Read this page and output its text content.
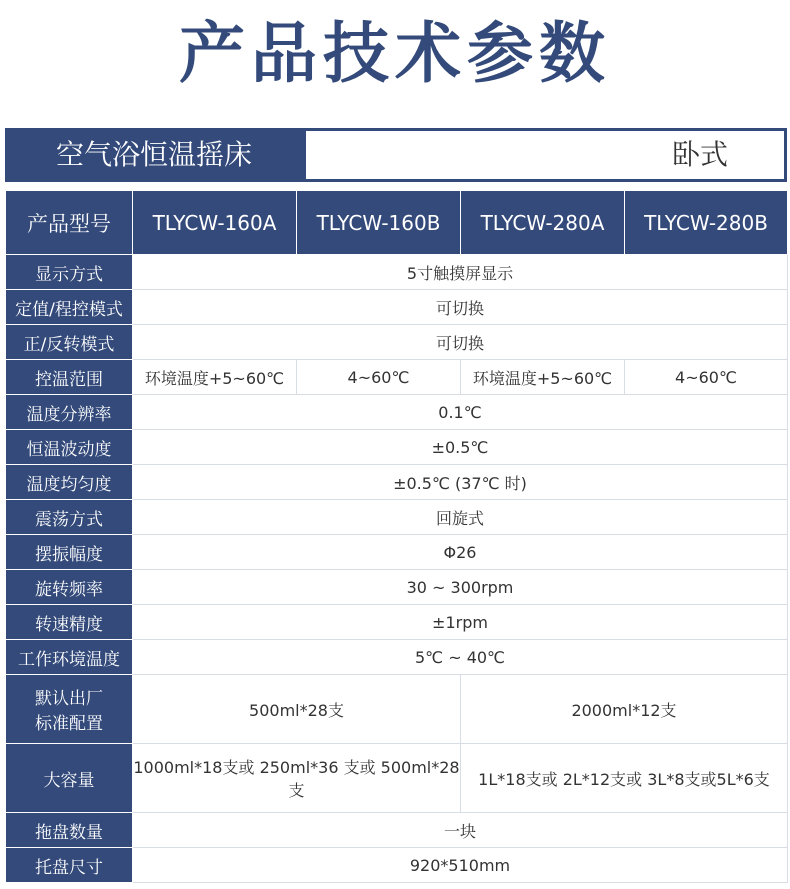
产品技术参数
空气浴恒温摇床	卧式
产品型号	TLYCW-160A	TLYCW-160B	TLYCW-280A	TLYCW-280B
显示方式	5寸触摸屏显示			
定值/程控模式	可切换			
正/反转模式	可切换			
控温范围	环境温度+5~60℃	4~60℃	环境温度+5~60℃	4~60℃
温度分辨率	0.1℃			
恒温波动度	±0.5℃			
温度均匀度	±0.5℃ (37℃ 时)			
震荡方式	回旋式			
摆振幅度	Φ26			
旋转频率	30 ~ 300rpm			
转速精度	±1rpm			
工作环境温度	5℃ ~ 40℃			

默认出厂
标准配置	500ml*28支		2000ml*12支	
大容量	1000ml*18支或 250ml*36 支或 500ml*28支		1L*18支或 2L*12支或 3L*8支或5L*6支	
拖盘数量	一块			
托盘尺寸	920*510mm			
